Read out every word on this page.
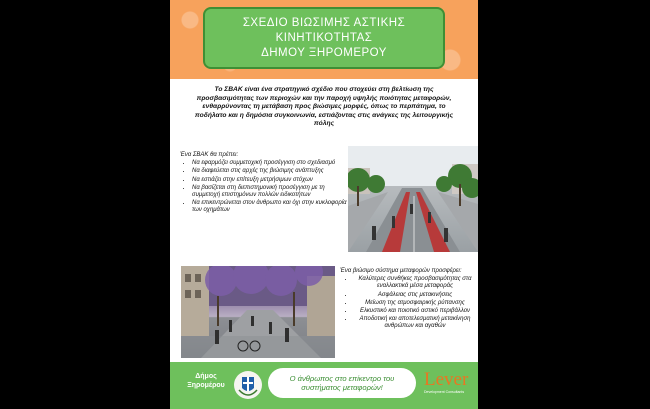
ΣΧΕΔΙΟ ΒΙΩΣΙΜΗΣ ΑΣΤΙΚΗΣ
ΚΙΝΗΤΙΚΟΤΗΤΑΣ
ΔΗΜΟΥ ΞΗΡΟΜΕΡΟΥ
Το ΣΒΑΚ είναι ένα στρατηγικό σχέδιο που στοχεύει στη βελτίωση της προσβασιμότητας των περιοχών και την παροχή υψηλής ποιότητας μεταφορών, ενθαρρύνοντας τη μετάβαση προς βιώσιμες μορφές, όπως το περπάτημα, το ποδήλατο και η δημόσια συγκοινωνία, εστιάζοντας στις ανάγκες της λειτουργικής πόλης
Ένα ΣΒΑΚ θα πρέπει:
• Να εφαρμόζει συμμετοχική προσέγγιση στο σχεδιασμό
• Να διαφεύεται στις αρχές της βιώσιμης ανάπτυξης
• Να εστιάζει στην επίτευξη μετρήσιμων στόχων
• Να βασίζεται στη διεπιστημονική προσέγγιση με τη συμμετοχή επιστημόνων πολλών ειδικοτήτων
• Να επικεντρώνεται στον άνθρωπο και όχι στην κυκλοφορία των οχημάτων
Ένα βιώσιμο σύστημα μεταφορών προσφέρει:
• Καλύτερες συνθήκες προσβασιμότητας στα εναλλακτικά μέσα μεταφοράς
• Ασφάλειας στις μετακινήσεις
• Μείωση της ατμοσφαιρικής ρύπανσης
• Ελκυστικό και ποιοτικό αστικό περιβάλλον
• Αποδοτική και αποτελεσματική μετακίνηση ανθρώπων και αγαθών
Δήμος
Ξηρομέρου
Ο άνθρωπος στο επίκεντρο του
συστήματος μεταφορών! Lever
Development Consultants
